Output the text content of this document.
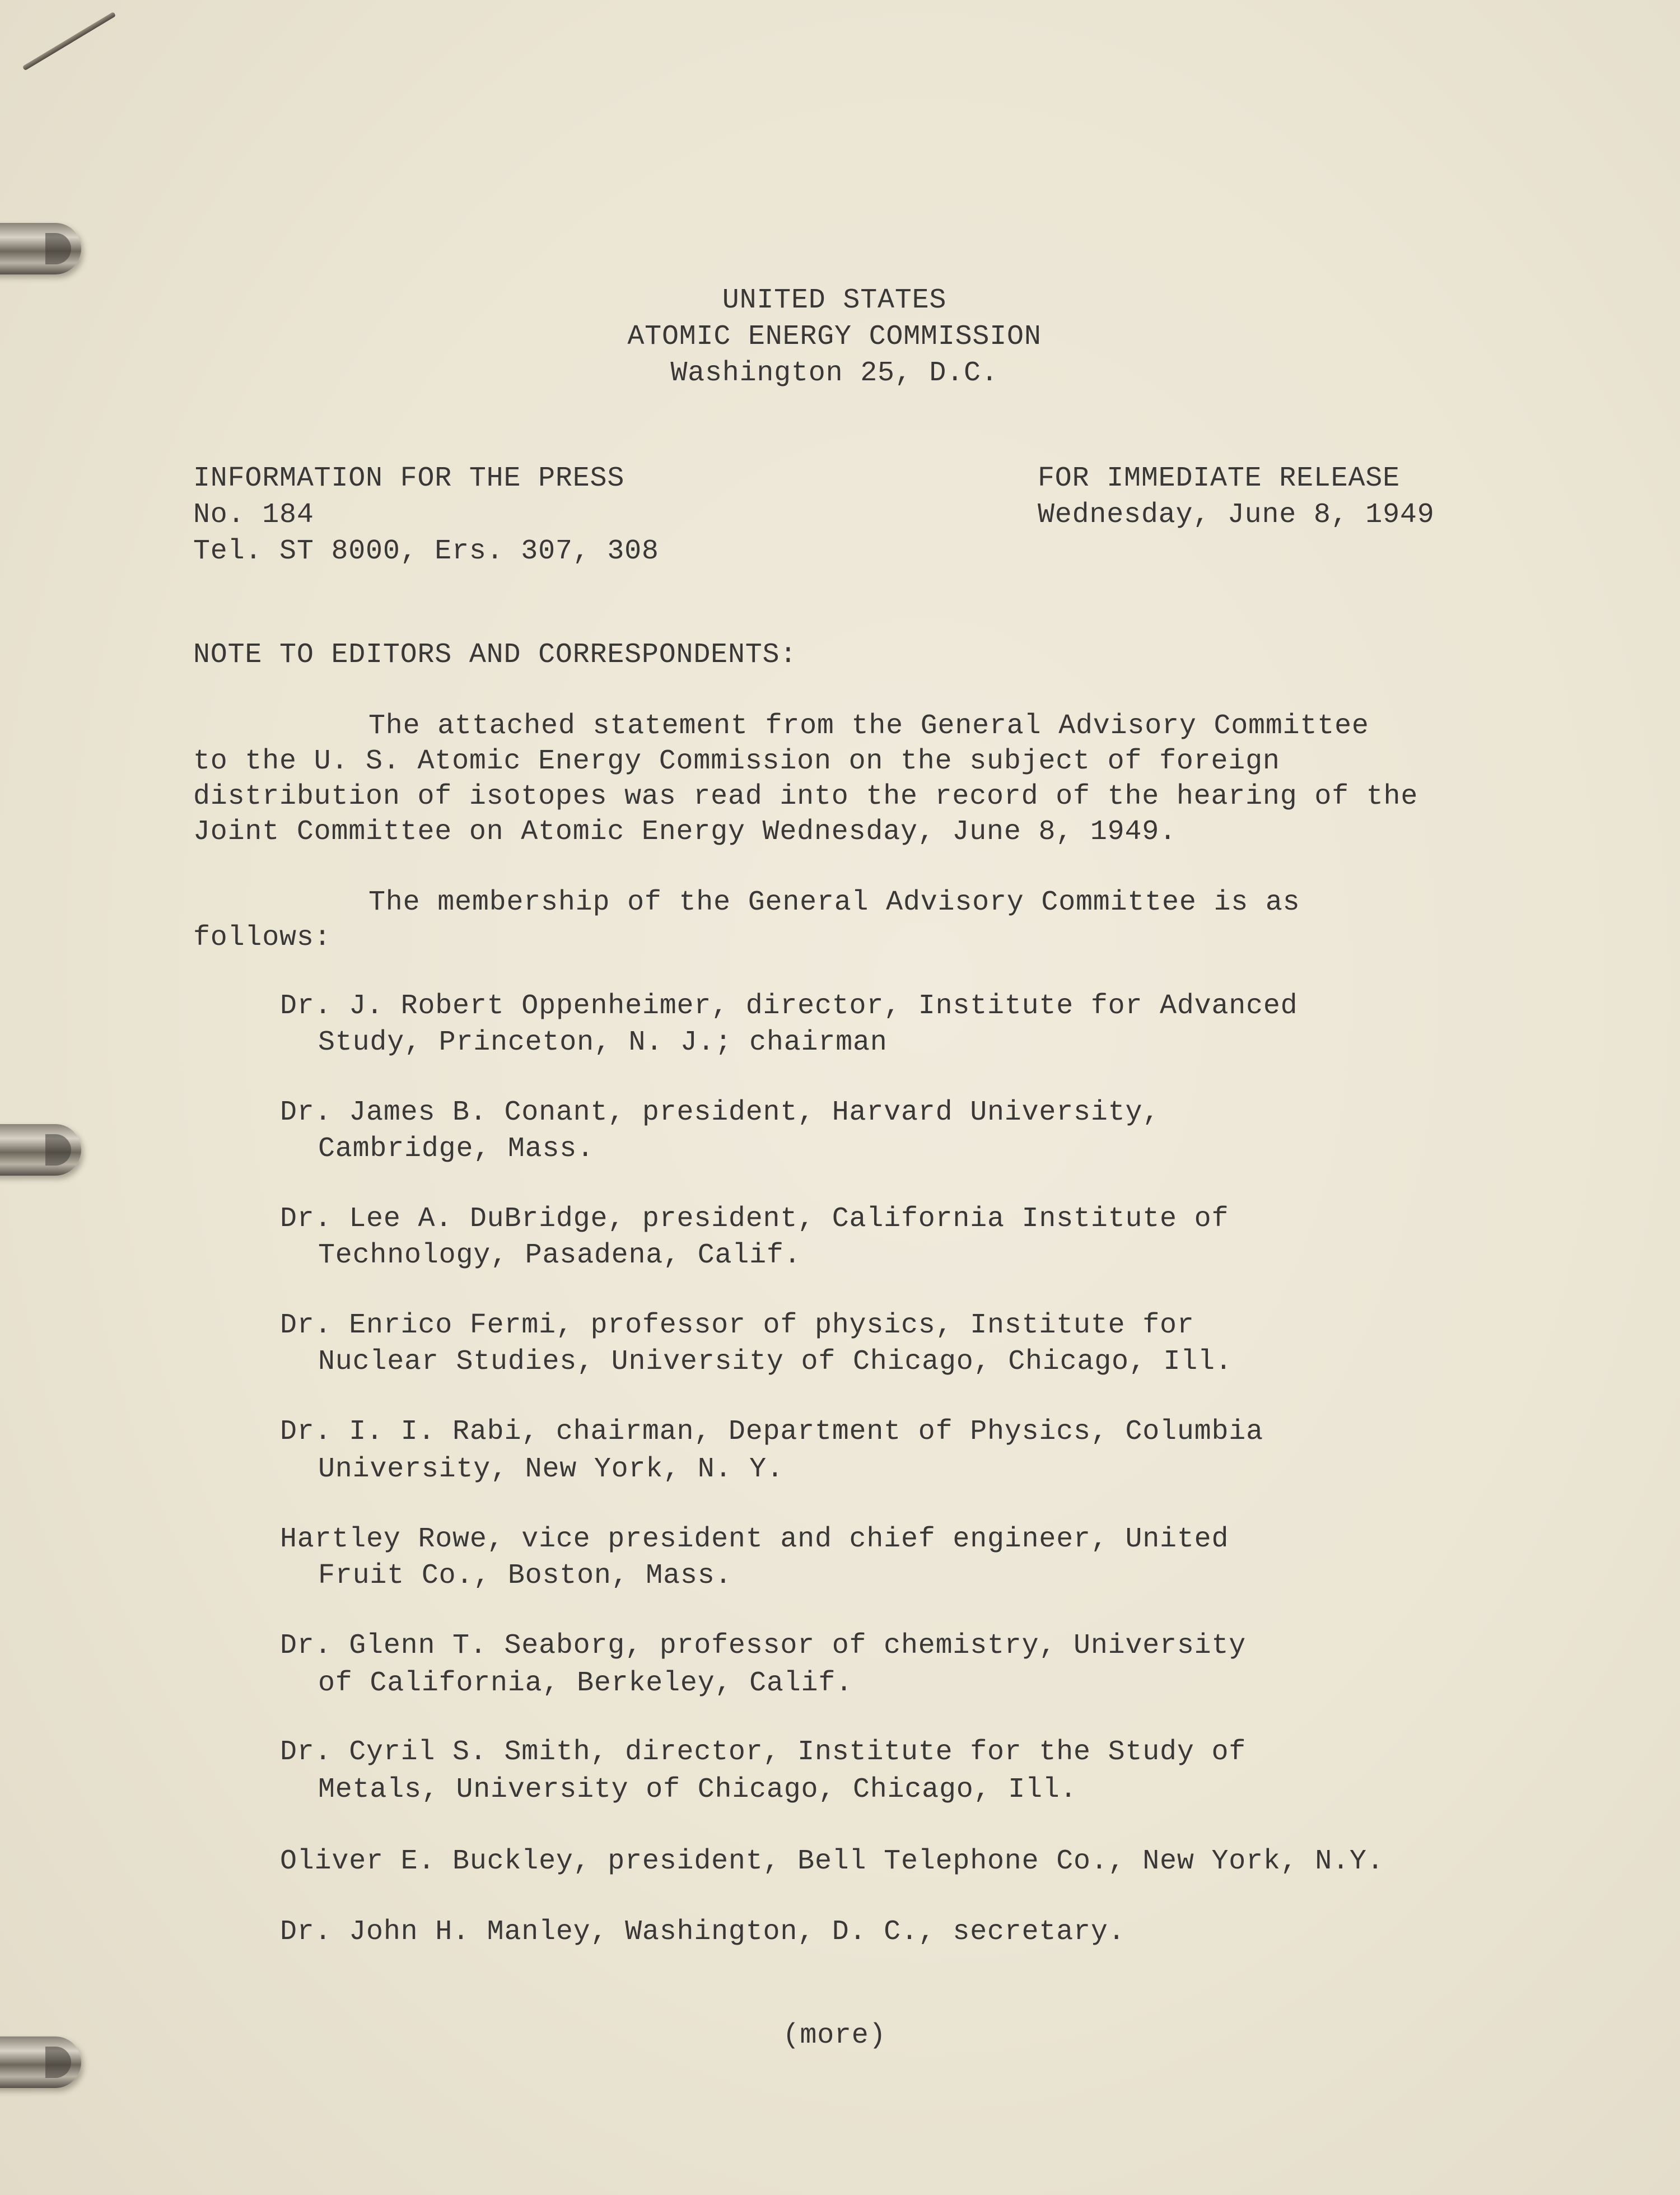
UNITED STATES
ATOMIC ENERGY COMMISSION
Washington 25, D.C.
INFORMATION FOR THE PRESS
No. 184
Tel. ST 8000, Ers. 307, 308
FOR IMMEDIATE RELEASE
Wednesday, June 8, 1949
NOTE TO EDITORS AND CORRESPONDENTS:
The attached statement from the General Advisory Committee
to the U. S. Atomic Energy Commission on the subject of foreign
distribution of isotopes was read into the record of the hearing of the
Joint Committee on Atomic Energy Wednesday, June 8, 1949.
The membership of the General Advisory Committee is as
follows:
Dr. J. Robert Oppenheimer, director, Institute for Advanced
Study, Princeton, N. J.; chairman
Dr. James B. Conant, president, Harvard University,
Cambridge, Mass.
Dr. Lee A. DuBridge, president, California Institute of
Technology, Pasadena, Calif.
Dr. Enrico Fermi, professor of physics, Institute for
Nuclear Studies, University of Chicago, Chicago, Ill.
Dr. I. I. Rabi, chairman, Department of Physics, Columbia
University, New York, N. Y.
Hartley Rowe, vice president and chief engineer, United
Fruit Co., Boston, Mass.
Dr. Glenn T. Seaborg, professor of chemistry, University
of California, Berkeley, Calif.
Dr. Cyril S. Smith, director, Institute for the Study of
Metals, University of Chicago, Chicago, Ill.
Oliver E. Buckley, president, Bell Telephone Co., New York, N.Y.
Dr. John H. Manley, Washington, D. C., secretary.
(more)
